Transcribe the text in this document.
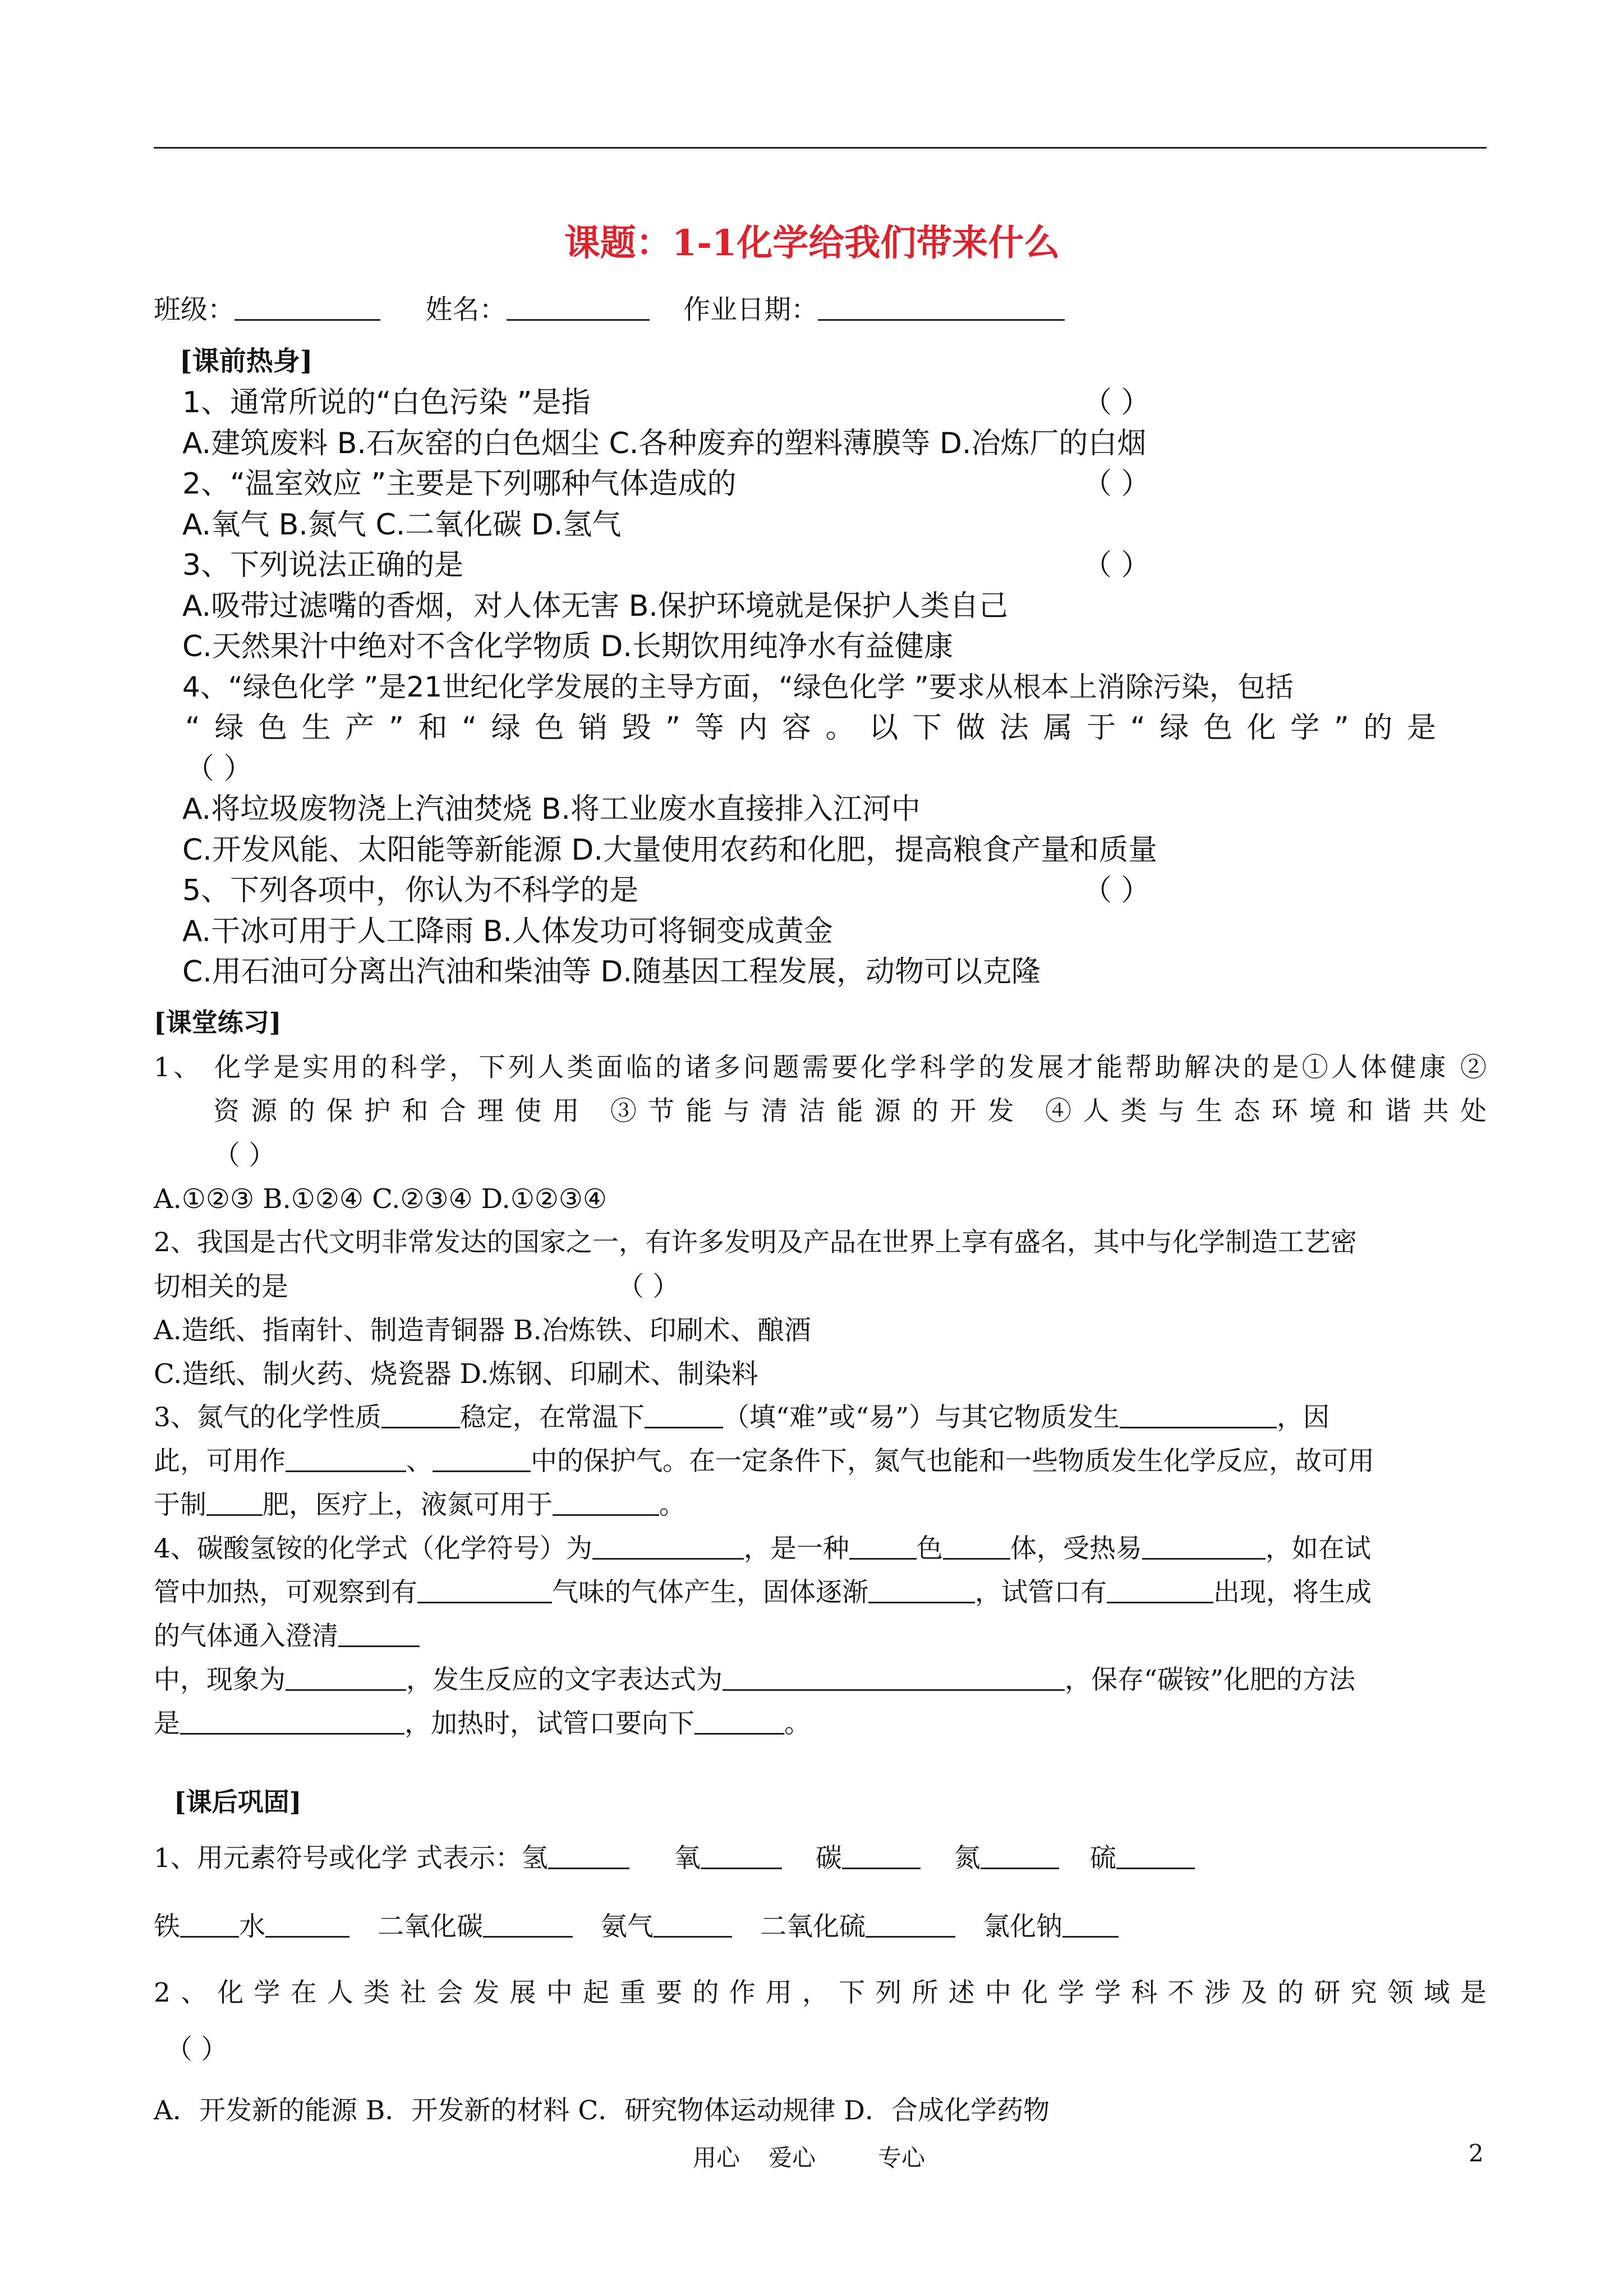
课题：1-1化学给我们带来什么
班级：	姓名：	作业日期：
[课前热身]
1、通常所说的“白色污染 ”是指	（ ）
A.建筑废料 B.石灰窑的白色烟尘 C.各种废弃的塑料薄膜等 D.冶炼厂的白烟
2、“温室效应 ”主要是下列哪种气体造成的	（ ）
A.氧气 B.氮气 C.二氧化碳 D.氢气
3、下列说法正确的是	（ ）
A.吸带过滤嘴的香烟，对人体无害 B.保护环境就是保护人类自己
C.天然果汁中绝对不含化学物质 D.长期饮用纯净水有益健康
4、“绿色化学 ”是21世纪化学发展的主导方面，“绿色化学 ”要求从根本上消除污染，包括
“绿色生产”和“绿色销毁”等内容。以下做法属于“绿色化学”的是
（ ）
A.将垃圾废物浇上汽油焚烧 B.将工业废水直接排入江河中
C.开发风能、太阳能等新能源 D.大量使用农药和化肥，提高粮食产量和质量
5、下列各项中，你认为不科学的是	（ ）
A.干冰可用于人工降雨 B.人体发功可将铜变成黄金
C.用石油可分离出汽油和柴油等 D.随基因工程发展，动物可以克隆
[课堂练习]
1、 化学是实用的科学，下列人类面临的诸多问题需要化学科学的发展才能帮助解决的是①人体健康 ②
资源的保护和合理使用 ③节能与清洁能源的开发 ④人类与生态环境和谐共处
（ ）
A.①②③ B.①②④ C.②③④ D.①②③④
2、我国是古代文明非常发达的国家之一，有许多发明及产品在世界上享有盛名，其中与化学制造工艺密
切相关的是	（ ）
A.造纸、指南针、制造青铜器 B.冶炼铁、印刷术、酿酒
C.造纸、制火药、烧瓷器 D.炼钢、印刷术、制染料
3、氮气的化学性质	稳定，在常温下	（填“难”或“易”）与其它物质发生	，因
此，可用作	、	中的保护气。在一定条件下，氮气也能和一些物质发生化学反应，故可用
于制 肥，医疗上，液氮可用于	。
4、碳酸氢铵的化学式（化学符号）为	，是一种	色	体，受热易	，如在试
管中加热，可观察到有	气味的气体产生，固体逐渐	，试管口有	出现，将生成
的气体通入澄清
中，现象为	，发生反应的文字表达式为	，保存“碳铵”化肥的方法
是	，加热时，试管口要向下	。
[课后巩固]
1、用元素符号或化学 式表示：氢	氧	碳	氮	硫
铁 水	二氧化碳	氨气	二氧化硫	氯化钠
2、化学在人类社会发展中起重要的作用，下列所述中化学学科不涉及的研究领域是
（ ）
A．开发新的能源 B．开发新的材料 C．研究物体运动规律 D．合成化学药物
用心 爱心	专心	2
